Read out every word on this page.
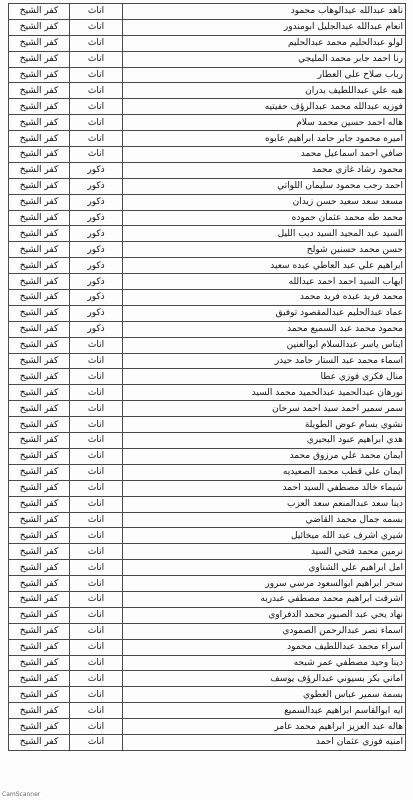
كفر الشيخ	اناث	ناهد عبدالله عبدالوهاب محمود
كفر الشيخ	اناث	انعام عبدالله عبدالجليل ابومندور
كفر الشيخ	اناث	لولو عبدالحليم محمد عبدالحليم
كفر الشيخ	اناث	رنا احمد جابر محمد المليجي
كفر الشيخ	اناث	رباب صلاح علي العطار
كفر الشيخ	اناث	هبه علي عبداللطيف بدران
كفر الشيخ	اناث	فوزيه عبدالله محمد عبدالرؤف حفيتيه
كفر الشيخ	اناث	هاله احمد حسين محمد سلام
كفر الشيخ	اناث	اميره محمود جابر حامد ابراهيم عابوه
كفر الشيخ	اناث	صافي احمد اسماعيل محمد
كفر الشيخ	ذكور	محمود رشاد غازي محمد
كفر الشيخ	ذكور	احمد رجب محمود سليمان اللواتي
كفر الشيخ	ذكور	مسعد سعد سعيد حسن زيدان
كفر الشيخ	ذكور	محمد طه محمد عثمان حموده
كفر الشيخ	ذكور	السيد عبد المجيد السيد ديب الليل
كفر الشيخ	ذكور	حسن محمد حسنين شولح
كفر الشيخ	ذكور	ابراهيم علي عبد العاطي عبده سعيد
كفر الشيخ	ذكور	ايهاب السيد احمد احمد عبدالله
كفر الشيخ	ذكور	محمد فريد عبده فريد محمد
كفر الشيخ	ذكور	عماد عبدالحليم عبدالمقصود توفيق
كفر الشيخ	ذكور	محمود محمد عبد السميع محمد
كفر الشيخ	اناث	ايناس ياسر عبدالسلام ابوالعنين
كفر الشيخ	اناث	اسماء محمد عبد الستار حامد حيدر
كفر الشيخ	اناث	منال فكري فوزي عطا
كفر الشيخ	اناث	نورهان عبدالحميد عبدالحميد محمد السيد
كفر الشيخ	اناث	سمر سمير احمد سيد احمد سرحان
كفر الشيخ	اناث	نشوي بسام عوض الطويلة
كفر الشيخ	اناث	هدي ابراهيم عبود البحيري
كفر الشيخ	اناث	ايمان محمد علي مرزوق محمد
كفر الشيخ	اناث	ايمان علي قطب محمد الصعيديه
كفر الشيخ	اناث	شيماء خالد مصطفي السيد احمد
كفر الشيخ	اناث	دينا سعد عبدالمنعم سعد العزب
كفر الشيخ	اناث	بسمه جمال محمد القاضي
كفر الشيخ	اناث	شيري اشرف عبد الله ميخائيل
كفر الشيخ	اناث	نرمين محمد فتحي السيد
كفر الشيخ	اناث	امل ابراهيم علي الشناوي
كفر الشيخ	اناث	سحر ابراهيم ابوالسعود مرسي سرور
كفر الشيخ	اناث	اشرقت ابراهيم محمد مصطفي عبدربه
كفر الشيخ	اناث	نهاد يحي عبد الصبور محمد الدفراوي
كفر الشيخ	اناث	اسماء نصر عبدالرحمن الصمودي
كفر الشيخ	اناث	اسراء محمد عبداللطيف محمود
كفر الشيخ	اناث	دينا وحيد مصطفي عمر شبحه
كفر الشيخ	اناث	اماني بكر بسيوني عبدالرؤف يوسف
كفر الشيخ	اناث	بسمة سمير عباس العطوي
كفر الشيخ	اناث	ايه ابوالقاسم ابراهيم عبدالسميع
كفر الشيخ	اناث	هاله عبد العزيز ابراهيم محمد عامر
كفر الشيخ	اناث	امنيه فوزي عثمان احمد
CamScanner
